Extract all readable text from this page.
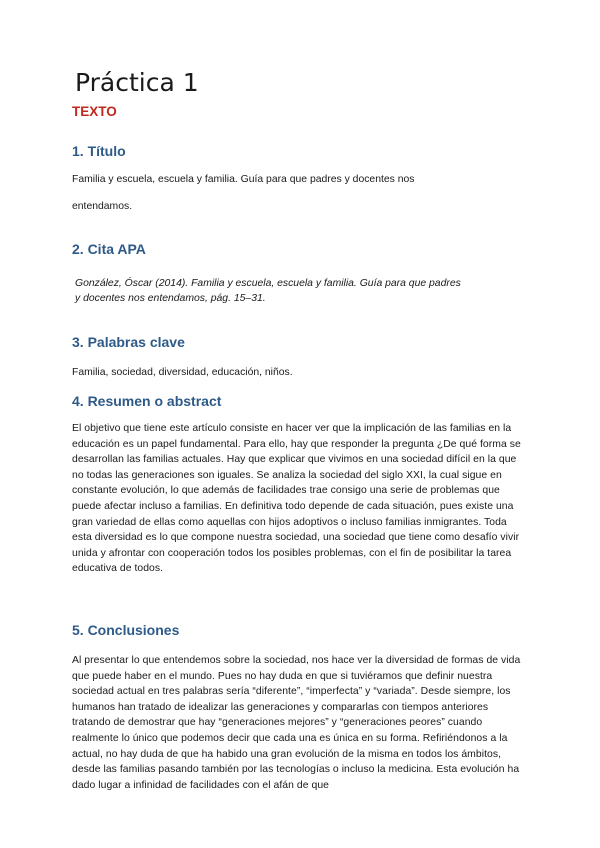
Práctica 1
TEXTO
1. Título

Familia y escuela, escuela y familia. Guía para que padres y docentes nos

entendamos.

2. Cita APA

González, Óscar (2014). Familia y escuela, escuela y familia. Guía para que padres

y docentes nos entendamos, pág. 15–31.

3. Palabras clave

Familia, sociedad, diversidad, educación, niños.

4. Resumen o abstract

El objetivo que tiene este artículo consiste en hacer ver que la implicación de las familias en la educación es un papel fundamental. Para ello, hay que responder la pregunta ¿De qué forma se desarrollan las familias actuales. Hay que explicar que vivimos en una sociedad difícil en la que no todas las generaciones son iguales. Se analiza la sociedad del siglo XXI, la cual sigue en constante evolución, lo que además de facilidades trae consigo una serie de problemas que puede afectar incluso a familias. En definitiva todo depende de cada situación, pues existe una gran variedad de ellas como aquellas con hijos adoptivos o incluso familias inmigrantes. Toda esta diversidad es lo que compone nuestra sociedad, una sociedad que tiene como desafío vivir unida y afrontar con cooperación todos los posibles problemas, con el fin de posibilitar la tarea educativa de todos.

5. Conclusiones

Al presentar lo que entendemos sobre la sociedad, nos hace ver la diversidad de formas de vida que puede haber en el mundo. Pues no hay duda en que si tuviéramos que definir nuestra sociedad actual en tres palabras sería “diferente”, “imperfecta” y “variada”. Desde siempre, los humanos han tratado de idealizar las generaciones y compararlas con tiempos anteriores tratando de demostrar que hay “generaciones mejores” y “generaciones peores” cuando realmente lo único que podemos decir que cada una es única en su forma. Refiriéndonos a la actual, no hay duda de que ha habido una gran evolución de la misma en todos los ámbitos, desde las familias pasando también por las tecnologías o incluso la medicina. Esta evolución ha dado lugar a infinidad de facilidades con el afán de que
